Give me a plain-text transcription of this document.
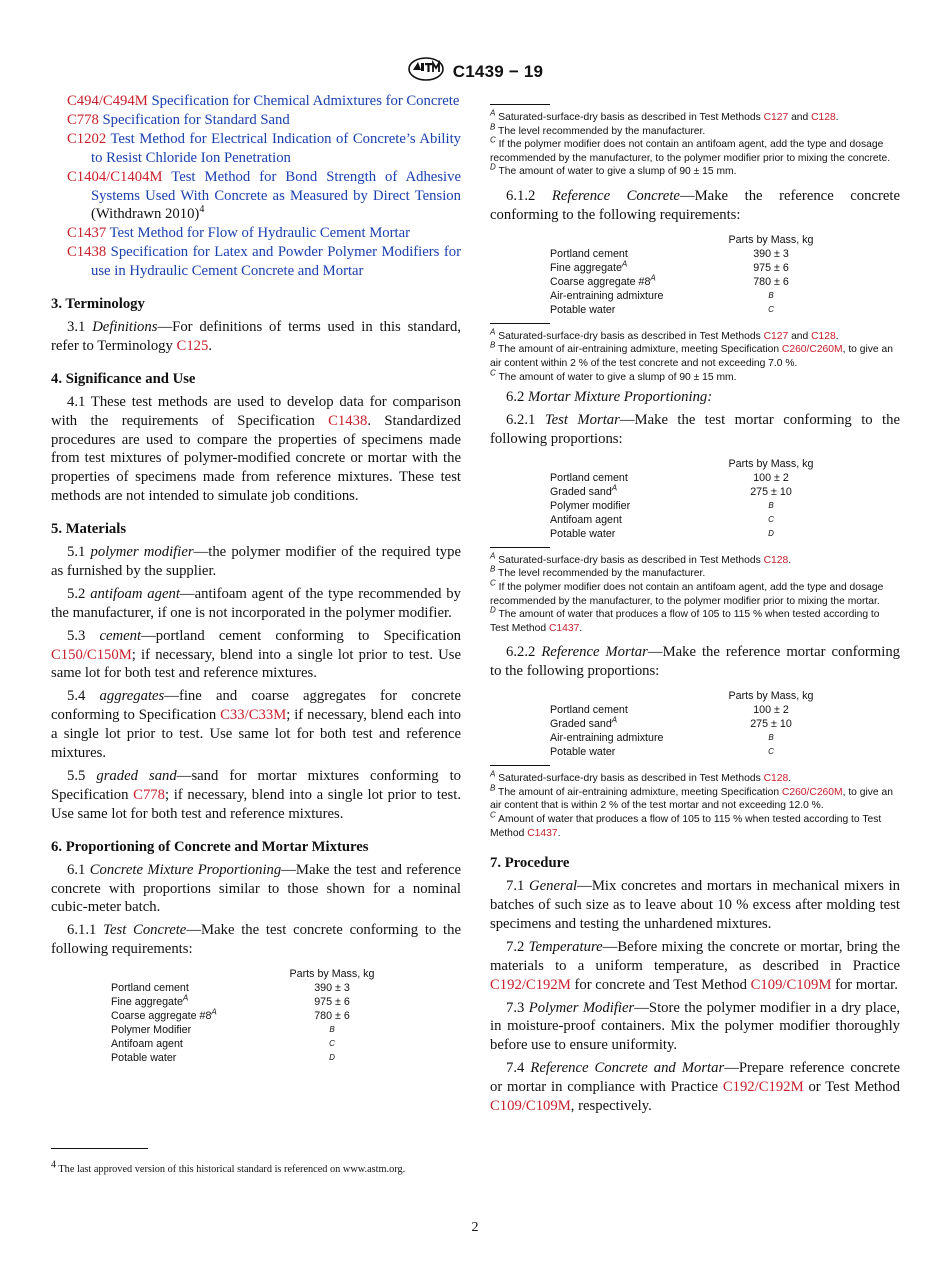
C1439 − 19

C494/C494M Specification for Chemical Admixtures for Concrete

C778 Specification for Standard Sand

C1202 Test Method for Electrical Indication of Concrete’s Ability to Resist Chloride Ion Penetration

C1404/C1404M Test Method for Bond Strength of Adhesive Systems Used With Concrete as Measured by Direct Tension (Withdrawn 2010)$^4$

C1437 Test Method for Flow of Hydraulic Cement Mortar

C1438 Specification for Latex and Powder Polymer Modifiers for use in Hydraulic Cement Concrete and Mortar

3. Terminology

3.1 Definitions—For definitions of terms used in this standard, refer to Terminology C125.

4. Significance and Use

4.1 These test methods are used to develop data for comparison with the requirements of Specification C1438. Standardized procedures are used to compare the properties of specimens made from test mixtures of polymer-modified concrete or mortar with the properties of specimens made from reference mixtures. These test methods are not intended to simulate job conditions.

5. Materials

5.1 polymer modifier—the polymer modifier of the required type as furnished by the supplier.

5.2 antifoam agent—antifoam agent of the type recommended by the manufacturer, if one is not incorporated in the polymer modifier.

5.3 cement—portland cement conforming to Specification C150/C150M; if necessary, blend into a single lot prior to test. Use same lot for both test and reference mixtures.

5.4 aggregates—fine and coarse aggregates for concrete conforming to Specification C33/C33M; if necessary, blend each into a single lot prior to test. Use same lot for both test and reference mixtures.

5.5 graded sand—sand for mortar mixtures conforming to Specification C778; if necessary, blend into a single lot prior to test. Use same lot for both test and reference mixtures.

6. Proportioning of Concrete and Mortar Mixtures

6.1 Concrete Mixture Proportioning—Make the test and reference concrete with proportions similar to those shown for a nominal cubic-meter batch.

6.1.1 Test Concrete—Make the test concrete conforming to the following requirements:

Parts by Mass, kg
Portland cement	390 ± 3
Fine aggregate$^A$	975 ± 6
Coarse aggregate $\#8^A$	780 ± 6
Polymer Modifier	B
Antifoam agent	C
Potable water	D
$^4$ The last approved version of this historical standard is referenced on www.astm.org.

$^A$ Saturated-surface-dry basis as described in Test Methods C127 and C128.

$^B$ The level recommended by the manufacturer.

$^C$ If the polymer modifier does not contain an antifoam agent, add the type and dosage recommended by the manufacturer, to the polymer modifier prior to mixing the concrete.

$^D$ The amount of water to give a slump of 90 ± 15 mm.

6.1.2 Reference Concrete—Make the reference concrete conforming to the following requirements:

Parts by Mass, kg
Portland cement	390 ± 3
Fine aggregate$^A$	975 ± 6
Coarse aggregate $\#8^A$	780 ± 6
Air-entraining admixture	B
Potable water	C

$^A$ Saturated-surface-dry basis as described in Test Methods C127 and C128.

$^B$ The amount of air-entraining admixture, meeting Specification C260/C260M, to give an air content within 2 % of the test concrete and not exceeding 7.0 %.

$^C$ The amount of water to give a slump of 90 ± 15 mm.

6.2 Mortar Mixture Proportioning:

6.2.1 Test Mortar—Make the test mortar conforming to the following proportions:

Parts by Mass, kg
Portland cement	100 ± 2
Graded sand$^A$	275 ± 10
Polymer modifier	B
Antifoam agent	C
Potable water	D

$^A$ Saturated-surface-dry basis as described in Test Methods C128.

$^B$ The level recommended by the manufacturer.

$^C$ If the polymer modifier does not contain an antifoam agent, add the type and dosage recommended by the manufacturer, to the polymer modifier prior to mixing the mortar.

$^D$ The amount of water that produces a flow of 105 to 115 % when tested according to Test Method C1437.

6.2.2 Reference Mortar—Make the reference mortar conforming to the following proportions:

Parts by Mass, kg
Portland cement	100 ± 2
Graded sand$^A$	275 ± 10
Air-entraining admixture	B
Potable water	C

$^A$ Saturated-surface-dry basis as described in Test Methods C128.

$^B$ The amount of air-entraining admixture, meeting Specification C260/C260M, to give an air content that is within 2 % of the test mortar and not exceeding 12.0 %.

$^C$ Amount of water that produces a flow of 105 to 115 % when tested according to Test Method C1437.

7. Procedure

7.1 General—Mix concretes and mortars in mechanical mixers in batches of such size as to leave about 10 % excess after molding test specimens and testing the unhardened mixtures.

7.2 Temperature—Before mixing the concrete or mortar, bring the materials to a uniform temperature, as described in Practice C192/C192M for concrete and Test Method C109/C109M for mortar.

7.3 Polymer Modifier—Store the polymer modifier in a dry place, in moisture-proof containers. Mix the polymer modifier thoroughly before use to ensure uniformity.

7.4 Reference Concrete and Mortar—Prepare reference concrete or mortar in compliance with Practice C192/C192M or Test Method C109/C109M, respectively.

2
